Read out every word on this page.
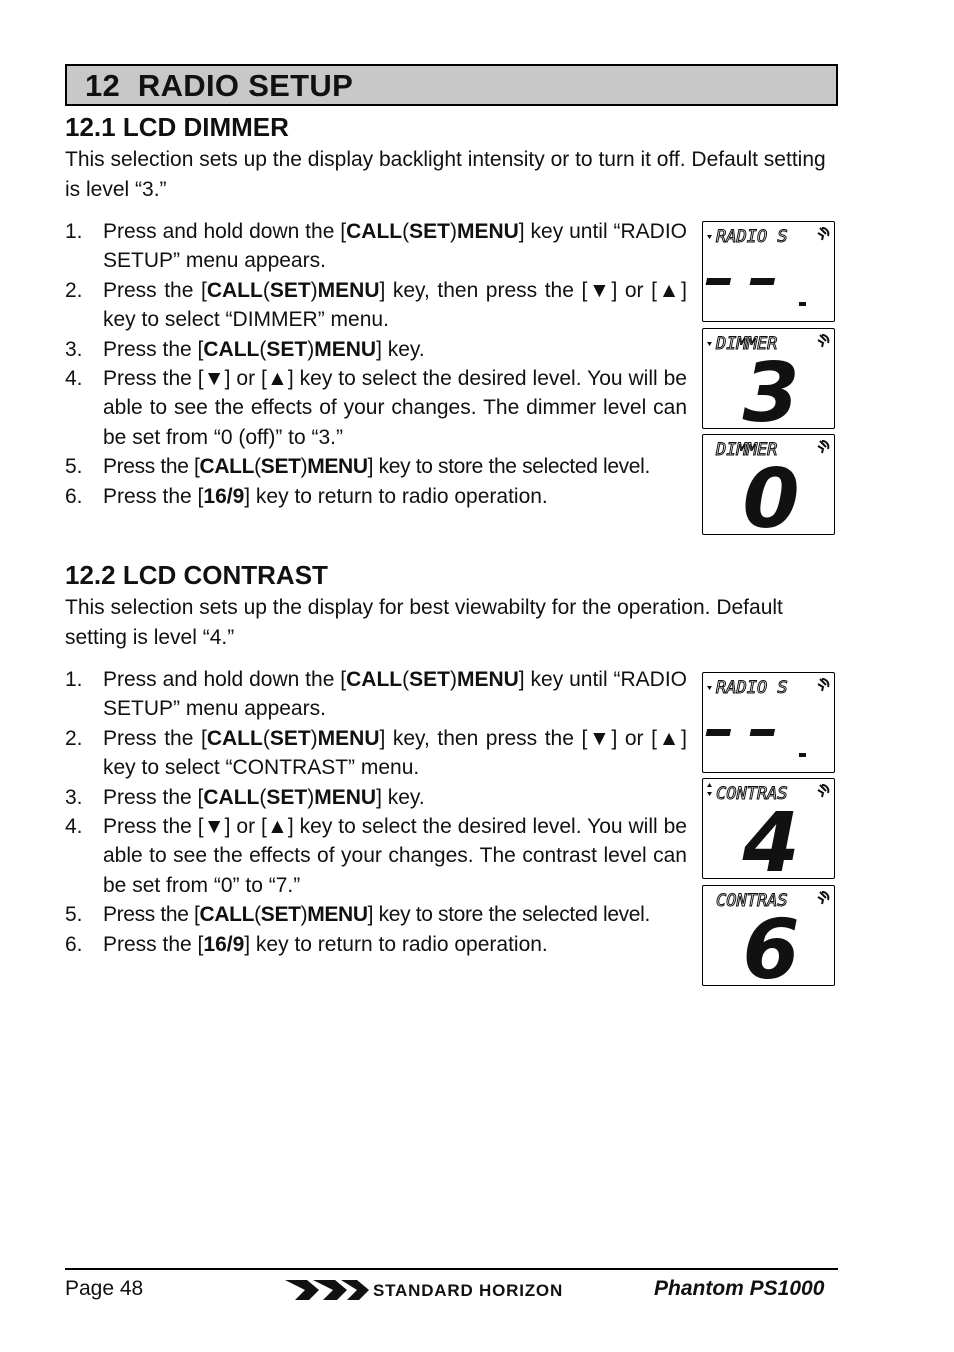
12  RADIO SETUP
12.1 LCD DIMMER
This selection sets up the display backlight intensity or to turn it off. Default setting is level “3.”
1. Press and hold down the [CALL(SET)MENU] key until “RADIO SETUP” menu appears.
2. Press the [CALL(SET)MENU] key, then press the [▼] or [▲] key to select “DIMMER” menu.
3. Press the [CALL(SET)MENU] key.
4. Press the [▼] or [▲] key to select the desired level. You will be able to see the effects of your changes. The dimmer level can be set from “0 (off)” to “3.”
5. Press the [CALL(SET)MENU] key to store the selected level.
6. Press the [16/9] key to return to radio operation.
RADIO S
DIMMER
3
DIMMER
0
12.2 LCD CONTRAST
This selection sets up the display for best viewabilty for the operation. Default setting is level “4.”
1. Press and hold down the [CALL(SET)MENU] key until “RADIO SETUP” menu appears.
2. Press the [CALL(SET)MENU] key, then press the [▼] or [▲] key to select “CONTRAST” menu.
3. Press the [CALL(SET)MENU] key.
4. Press the [▼] or [▲] key to select the desired level. You will be able to see the effects of your changes. The contrast level can be set from “0” to “7.”
5. Press the [CALL(SET)MENU] key to store the selected level.
6. Press the [16/9] key to return to radio operation.
RADIO S
CONTRAS
4
CONTRAS
6
Page 48	STANDARD HORIZON	Phantom PS1000
